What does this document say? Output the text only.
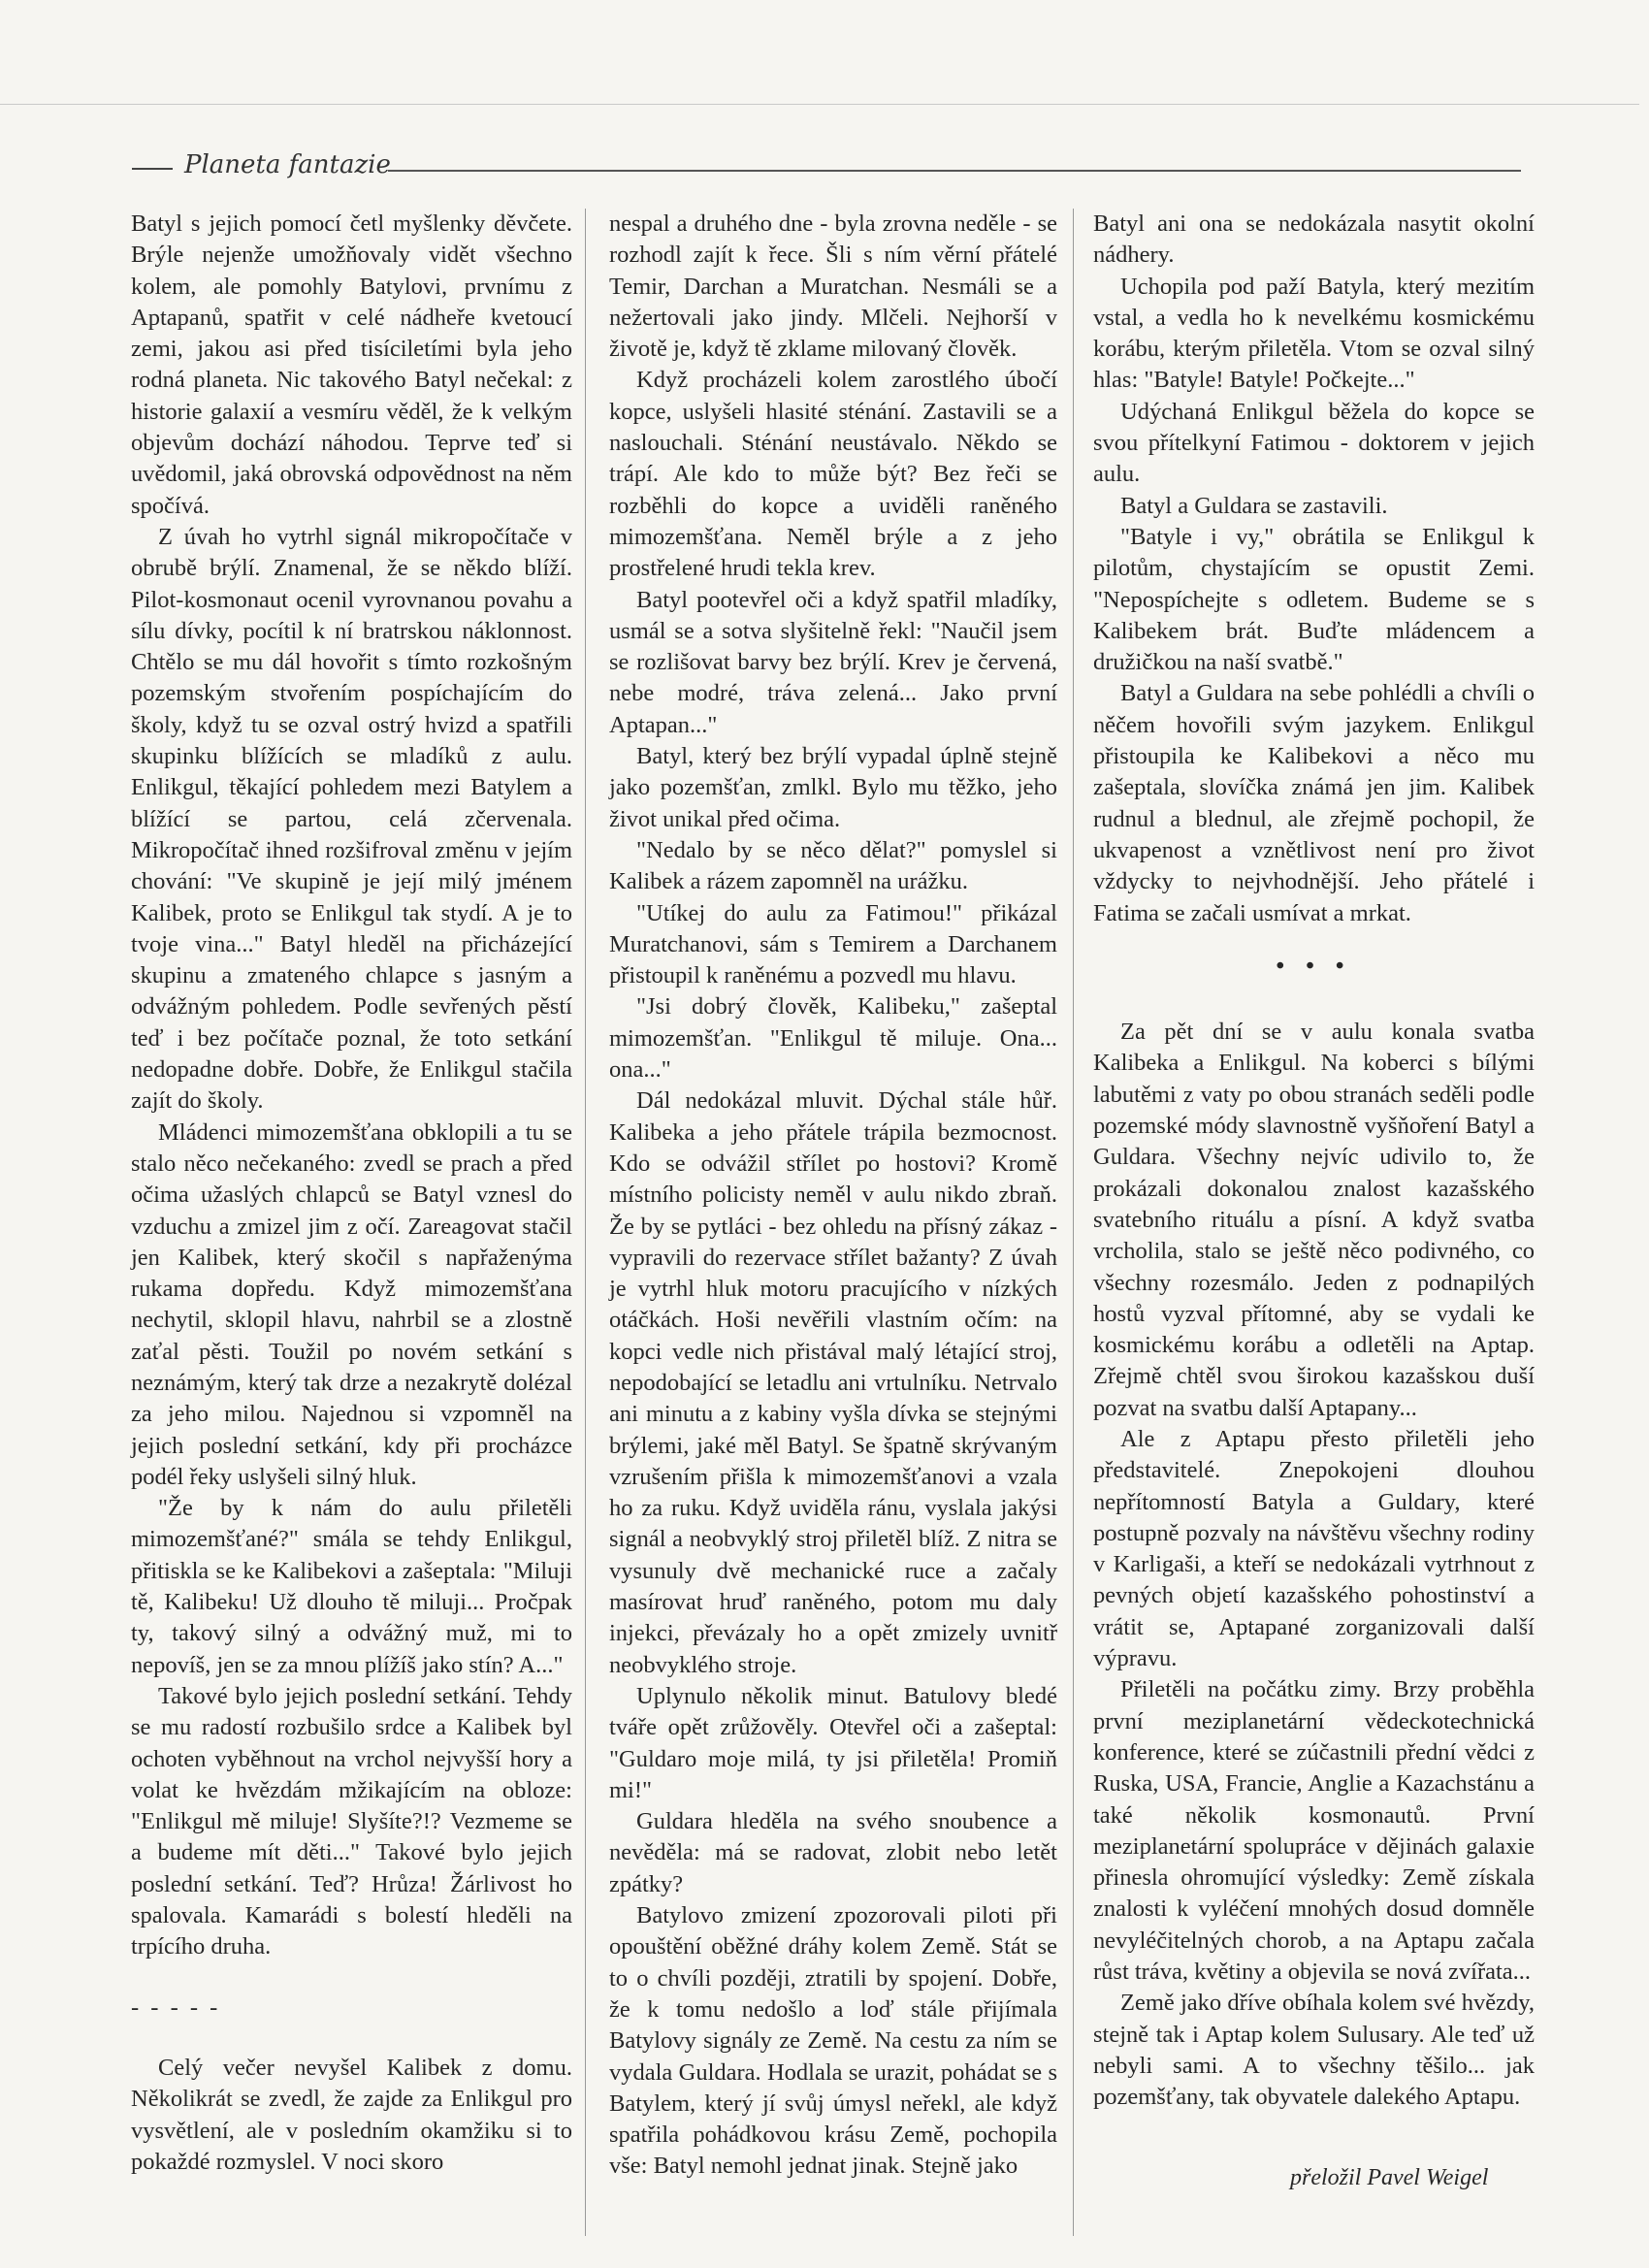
Planeta fantazie

Batyl s jejich pomocí četl myšlenky děvčete. Brýle nejenže umožňovaly vidět všechno kolem, ale pomohly Batylovi, prvnímu z Aptapanů, spatřit v celé nádheře kvetoucí zemi, jakou asi před tisíciletími byla jeho rodná planeta. Nic takového Batyl nečekal: z historie galaxií a vesmíru věděl, že k velkým objevům dochází náhodou. Teprve teď si uvědomil, jaká obrovská odpovědnost na něm spočívá.

Z úvah ho vytrhl signál mikropočítače v obrubě brýlí. Znamenal, že se někdo blíží. Pilot-kosmonaut ocenil vyrovnanou povahu a sílu dívky, pocítil k ní bratrskou náklonnost. Chtělo se mu dál hovořit s tímto rozkošným pozemským stvořením pospíchajícím do školy, když tu se ozval ostrý hvizd a spatřili skupinku blížících se mladíků z aulu. Enlikgul, těkající pohledem mezi Batylem a blížící se partou, celá zčervenala. Mikropočítač ihned rozšifroval změnu v jejím chování: "Ve skupině je její milý jménem Kalibek, proto se Enlikgul tak stydí. A je to tvoje vina..." Batyl hleděl na přicházející skupinu a zmateného chlapce s jasným a odvážným pohledem. Podle sevřených pěstí teď i bez počítače poznal, že toto setkání nedopadne dobře. Dobře, že Enlikgul stačila zajít do školy.

Mládenci mimozemšťana obklopili a tu se stalo něco nečekaného: zvedl se prach a před očima užaslých chlapců se Batyl vznesl do vzduchu a zmizel jim z očí. Zareagovat stačil jen Kalibek, který skočil s napřaženýma rukama dopředu. Když mimozemšťana nechytil, sklopil hlavu, nahrbil se a zlostně zaťal pěsti. Toužil po novém setkání s neznámým, který tak drze a nezakrytě dolézal za jeho milou. Najednou si vzpomněl na jejich poslední setkání, kdy při procházce podél řeky uslyšeli silný hluk.

"Že by k nám do aulu přiletěli mimozemšťané?" smála se tehdy Enlikgul, přitiskla se ke Kalibekovi a zašeptala: "Miluji tě, Kalibeku! Už dlouho tě miluji... Pročpak ty, takový silný a odvážný muž, mi to nepovíš, jen se za mnou plížíš jako stín? A..."

Takové bylo jejich poslední setkání. Tehdy se mu radostí rozbušilo srdce a Kalibek byl ochoten vyběhnout na vrchol nejvyšší hory a volat ke hvězdám mžikajícím na obloze: "Enlikgul mě miluje! Slyšíte?!? Vezmeme se a budeme mít děti..." Takové bylo jejich poslední setkání. Teď? Hrůza! Žárlivost ho spalovala. Kamarádi s bolestí hleděli na trpícího druha.

- - - - -

Celý večer nevyšel Kalibek z domu. Několikrát se zvedl, že zajde za Enlikgul pro vysvětlení, ale v posledním okamžiku si to pokaždé rozmyslel. V noci skoro

nespal a druhého dne - byla zrovna neděle - se rozhodl zajít k řece. Šli s ním věrní přátelé Temir, Darchan a Muratchan. Nesmáli se a nežertovali jako jindy. Mlčeli. Nejhorší v životě je, když tě zklame milovaný člověk.

Když procházeli kolem zarostlého úbočí kopce, uslyšeli hlasité sténání. Zastavili se a naslouchali. Sténání neustávalo. Někdo se trápí. Ale kdo to může být? Bez řeči se rozběhli do kopce a uviděli raněného mimozemšťana. Neměl brýle a z jeho prostřelené hrudi tekla krev.

Batyl pootevřel oči a když spatřil mladíky, usmál se a sotva slyšitelně řekl: "Naučil jsem se rozlišovat barvy bez brýlí. Krev je červená, nebe modré, tráva zelená... Jako první Aptapan..."

Batyl, který bez brýlí vypadal úplně stejně jako pozemšťan, zmlkl. Bylo mu těžko, jeho život unikal před očima.

"Nedalo by se něco dělat?" pomyslel si Kalibek a rázem zapomněl na urážku.

"Utíkej do aulu za Fatimou!" přikázal Muratchanovi, sám s Temirem a Darchanem přistoupil k raněnému a pozvedl mu hlavu.

"Jsi dobrý člověk, Kalibeku," zašeptal mimozemšťan. "Enlikgul tě miluje. Ona... ona..."

Dál nedokázal mluvit. Dýchal stále hůř. Kalibeka a jeho přátele trápila bezmocnost. Kdo se odvážil střílet po hostovi? Kromě místního policisty neměl v aulu nikdo zbraň. Že by se pytláci - bez ohledu na přísný zákaz - vypravili do rezervace střílet bažanty? Z úvah je vytrhl hluk motoru pracujícího v nízkých otáčkách. Hoši nevěřili vlastním očím: na kopci vedle nich přistával malý létající stroj, nepodobající se letadlu ani vrtulníku. Netrvalo ani minutu a z kabiny vyšla dívka se stejnými brýlemi, jaké měl Batyl. Se špatně skrývaným vzrušením přišla k mimozemšťanovi a vzala ho za ruku. Když uviděla ránu, vyslala jakýsi signál a neobvyklý stroj přiletěl blíž. Z nitra se vysunuly dvě mechanické ruce a začaly masírovat hruď raněného, potom mu daly injekci, převázaly ho a opět zmizely uvnitř neobvyklého stroje.

Uplynulo několik minut. Batulovy bledé tváře opět zrůžověly. Otevřel oči a zašeptal: "Guldaro moje milá, ty jsi přiletěla! Promiň mi!"

Guldara hleděla na svého snoubence a nevěděla: má se radovat, zlobit nebo letět zpátky?

Batylovo zmizení zpozorovali piloti při opouštění oběžné dráhy kolem Země. Stát se to o chvíli později, ztratili by spojení. Dobře, že k tomu nedošlo a loď stále přijímala Batylovy signály ze Země. Na cestu za ním se vydala Guldara. Hodlala se urazit, pohádat se s Batylem, který jí svůj úmysl neřekl, ale když spatřila pohádkovou krásu Země, pochopila vše: Batyl nemohl jednat jinak. Stejně jako

Batyl ani ona se nedokázala nasytit okolní nádhery.

Uchopila pod paží Batyla, který mezitím vstal, a vedla ho k nevelkému kosmickému korábu, kterým přiletěla. Vtom se ozval silný hlas: "Batyle! Batyle! Počkejte..."

Udýchaná Enlikgul běžela do kopce se svou přítelkyní Fatimou - doktorem v jejich aulu.

Batyl a Guldara se zastavili.

"Batyle i vy," obrátila se Enlikgul k pilotům, chystajícím se opustit Zemi. "Nepospíchejte s odletem. Budeme se s Kalibekem brát. Buďte mládencem a družičkou na naší svatbě."

Batyl a Guldara na sebe pohlédli a chvíli o něčem hovořili svým jazykem. Enlikgul přistoupila ke Kalibekovi a něco mu zašeptala, slovíčka známá jen jim. Kalibek rudnul a blednul, ale zřejmě pochopil, že ukvapenost a vznětlivost není pro život vždycky to nejvhodnější. Jeho přátelé i Fatima se začali usmívat a mrkat.

• • •

Za pět dní se v aulu konala svatba Kalibeka a Enlikgul. Na koberci s bílými labutěmi z vaty po obou stranách seděli podle pozemské módy slavnostně vyšňoření Batyl a Guldara. Všechny nejvíc udivilo to, že prokázali dokonalou znalost kazašského svatebního rituálu a písní. A když svatba vrcholila, stalo se ještě něco podivného, co všechny rozesmálo. Jeden z podnapilých hostů vyzval přítomné, aby se vydali ke kosmickému korábu a odletěli na Aptap. Zřejmě chtěl svou širokou kazašskou duší pozvat na svatbu další Aptapany...

Ale z Aptapu přesto přiletěli jeho představitelé. Znepokojeni dlouhou nepřítomností Batyla a Guldary, které postupně pozvaly na návštěvu všechny rodiny v Karligaši, a kteří se nedokázali vytrhnout z pevných objetí kazašského pohostinství a vrátit se, Aptapané zorganizovali další výpravu.

Přiletěli na počátku zimy. Brzy proběhla první meziplanetární vědeckotechnická konference, které se zúčastnili přední vědci z Ruska, USA, Francie, Anglie a Kazachstánu a také několik kosmonautů. První meziplanetární spolupráce v dějinách galaxie přinesla ohromující výsledky: Země získala znalosti k vyléčení mnohých dosud domněle nevyléčitelných chorob, a na Aptapu začala růst tráva, květiny a objevila se nová zvířata...

Země jako dříve obíhala kolem své hvězdy, stejně tak i Aptap kolem Sulusary. Ale teď už nebyli sami. A to všechny těšilo... jak pozemšťany, tak obyvatele dalekého Aptapu.

přeložil Pavel Weigel
